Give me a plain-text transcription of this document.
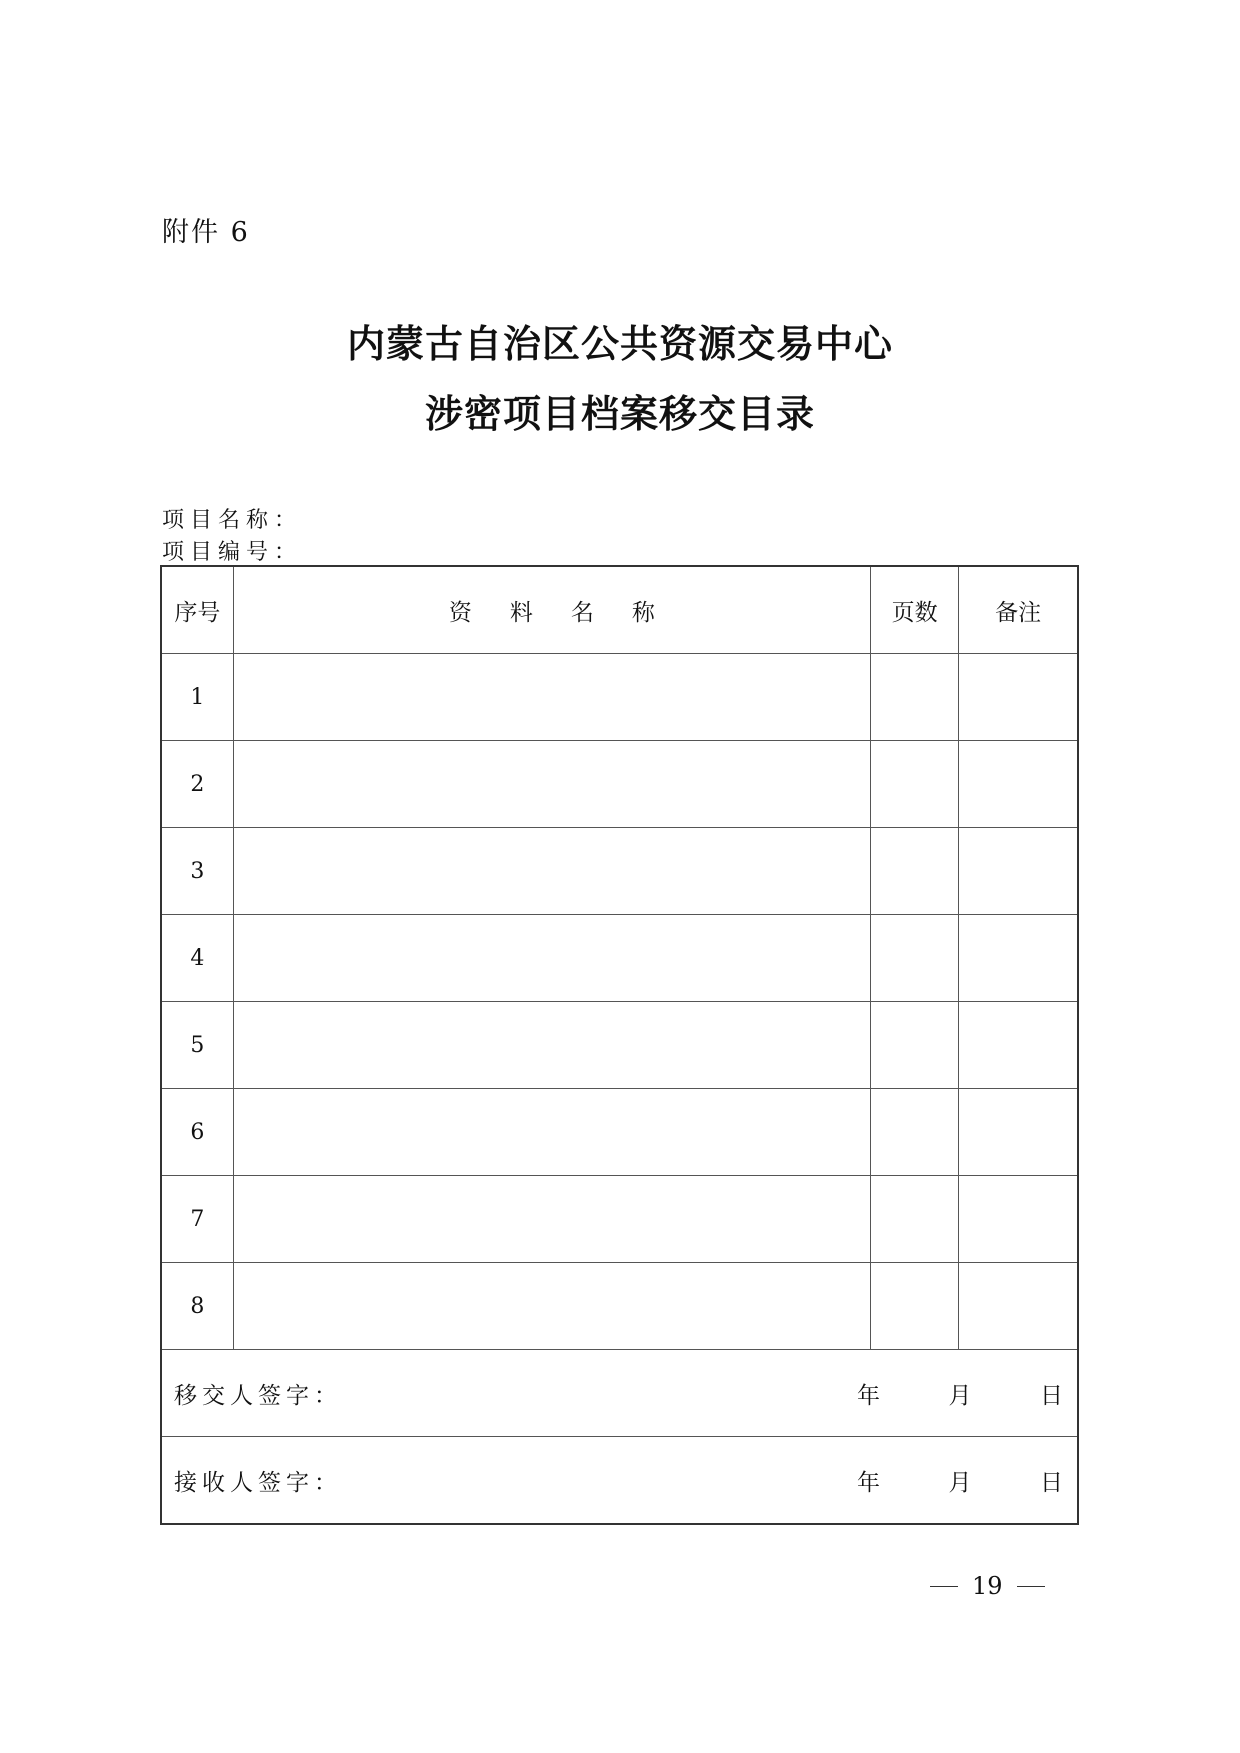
附件 6
内蒙古自治区公共资源交易中心
涉密项目档案移交目录
项目名称：
项目编号：
序号	资料名称	页数	备注
1			
2			
3			
4			
5			
6			
7			
8			

移交人签字： 年 月 日			

接收人签字： 年 月 日			
19
